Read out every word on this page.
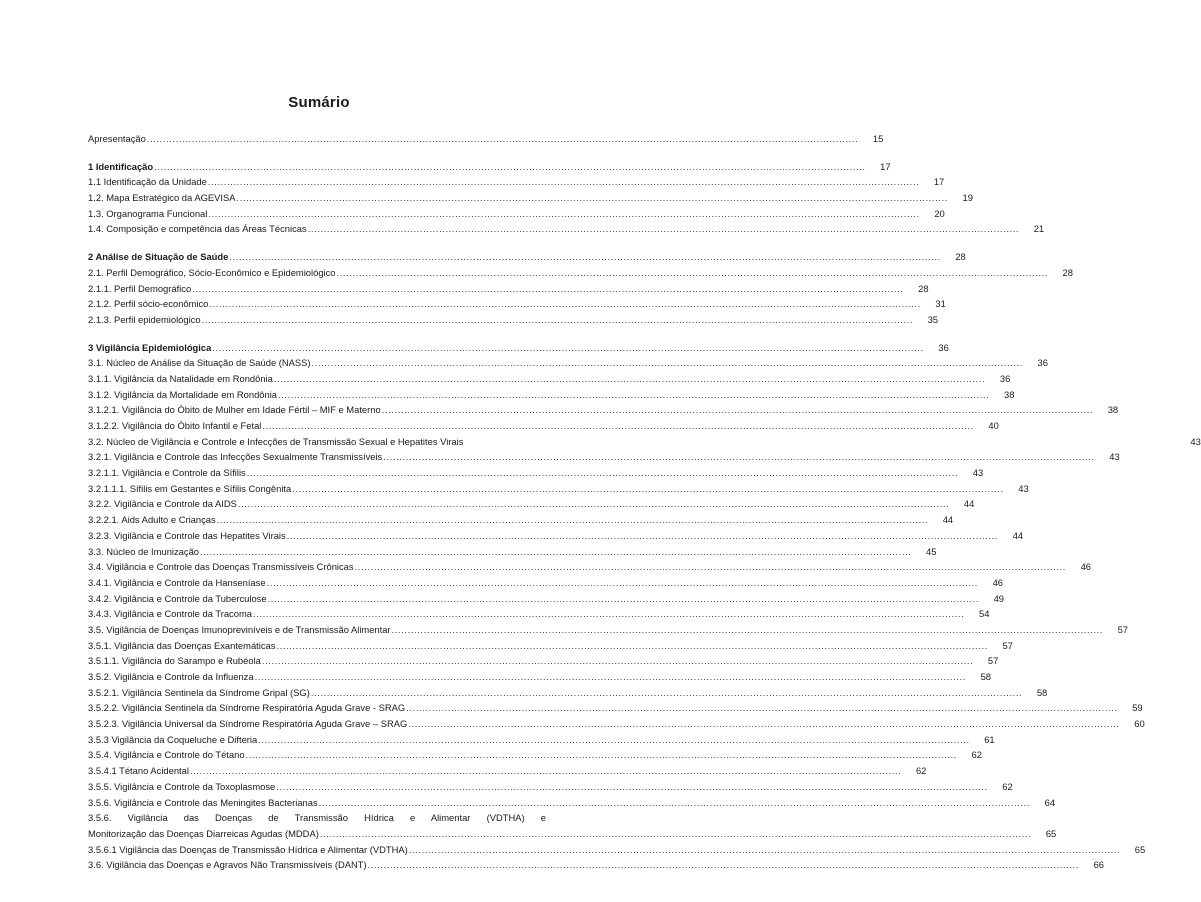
Sumário
Apresentação .....	15
1 Identificação .....	17
1.1 Identificação da Unidade .....	17
1.2. Mapa Estratégico da AGEVISA .....	19
1.3. Organograma Funcional .....	20
1.4. Composição e competência das Áreas Técnicas .....	21
2 Análise de Situação de Saúde .....	28
2.1. Perfil Demográfico, Sócio-Econômico e Epidemiológico .....	28
2.1.1. Perfil Demográfico .....	28
2.1.2. Perfil sócio-econômico .....	31
2.1.3. Perfil epidemiológico .....	35
3 Vigilância Epidemiológica .....	36
3.1. Núcleo de Análise da Situação de Saúde (NASS) .....	36
3.1.1. Vigilância da Natalidade em Rondônia .....	36
3.1.2. Vigilância da Mortalidade em Rondônia .....	38
3.1.2.1. Vigilância do Óbito de Mulher em Idade Fértil – MIF e Materno .....	38
3.1.2.2. Vigilância do Óbito Infantil e Fetal .....	40
3.2. Núcleo de Vigilância e Controle e Infecções de Transmissão Sexual e Hepatites Virais	43
3.2.1. Vigilância e Controle das Infecções Sexualmente Transmissíveis .....	43
3.2.1.1. Vigilância e Controle da Sífilis .....	43
3.2.1.1.1. Sífilis em Gestantes e Sífilis Congênita .....	43
3.2.2. Vigilância e Controle da AIDS .....	44
3.2.2.1. Aids Adulto e Crianças .....	44
3.2.3. Vigilância e Controle das Hepatites Virais .....	44
3.3. Núcleo de Imunização .....	45
3.4. Vigilância e Controle das Doenças Transmissíveis Crônicas .....	46
3.4.1. Vigilância e Controle da Hanseníase .....	46
3.4.2. Vigilância e Controle da Tuberculose .....	49
3.4.3. Vigilância e Controle da Tracoma .....	54
3.5. Vigilância de Doenças Imunopreviníveis e de Transmissão Alimentar .....	57
3.5.1. Vigilância das Doenças Exantemáticas .....	57
3.5.1.1. Vigilância do Sarampo e Rubéola .....	57
3.5.2. Vigilância e Controle da Influenza .....	58
3.5.2.1. Vigilância Sentinela da Síndrome Gripal (SG) .....	58
3.5.2.2. Vigilância Sentinela da Síndrome Respiratória Aguda Grave - SRAG .....	59
3.5.2.3. Vigilância Universal da Síndrome Respiratória Aguda Grave – SRAG .....	60
3.5.3 Vigilância da Coqueluche e Difteria .....	61
3.5.4. Vigilância e Controle do Tétano .....	62
3.5.4.1 Tétano Acidental .....	62
3.5.5. Vigilância e Controle da Toxoplasmose .....	62
3.5.6. Vigilância e Controle das Meningites Bacterianas .....	64
3.5.6. Vigilância das Doenças de Transmissão Hídrica e Alimentar (VDTHA) e
Monitorização das Doenças Diarreicas Agudas (MDDA) .....	65
3.5.6.1 Vigilância das Doenças de Transmissão Hídrica e Alimentar (VDTHA) .....	65
3.6. Vigilância das Doenças e Agravos Não Transmissíveis (DANT) .....	66
